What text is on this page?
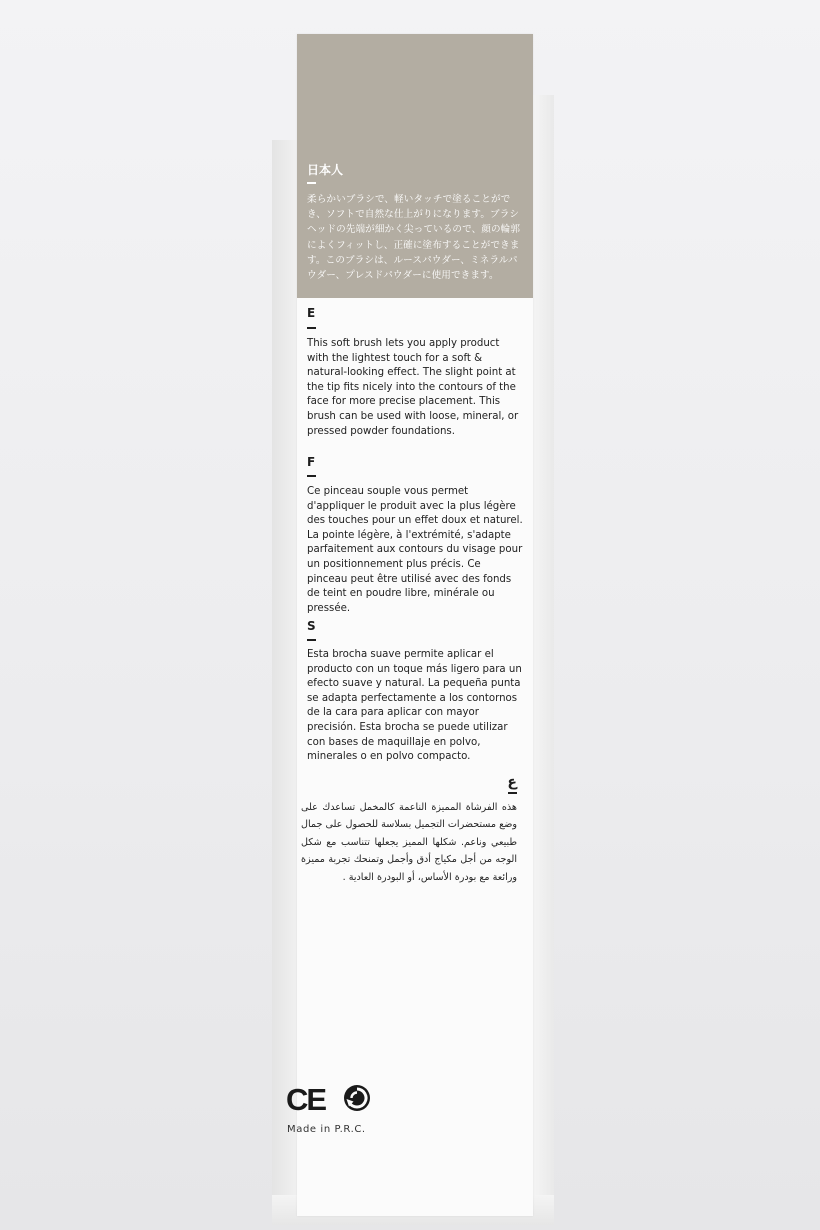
日本人
柔らかいブラシで、軽いタッチで塗ることができ、ソフトで自然な仕上がりになります。ブラシヘッドの先端が細かく尖っているので、顔の輪郭によくフィットし、正確に塗布することができます。このブラシは、ルースパウダー、ミネラルパウダー、プレスドパウダーに使用できます。
E
This soft brush lets you apply product with the lightest touch for a soft & natural-looking effect. The slight point at the tip fits nicely into the contours of the face for more precise placement. This brush can be used with loose, mineral, or pressed powder foundations.
F
Ce pinceau souple vous permet d'appliquer le produit avec la plus légère des touches pour un effet doux et naturel. La pointe légère, à l'extrémité, s'adapte parfaitement aux contours du visage pour un positionnement plus précis. Ce pinceau peut être utilisé avec des fonds de teint en poudre libre, minérale ou pressée.
S
Esta brocha suave permite aplicar el producto con un toque más ligero para un efecto suave y natural. La pequeña punta se adapta perfectamente a los contornos de la cara para aplicar con mayor precisión. Esta brocha se puede utilizar con bases de maquillaje en polvo, minerales o en polvo compacto.
ع
هذه الفرشاة المميزة الناعمة كالمخمل تساعدك على وضع مستحضرات التجميل بسلاسة للحصول على جمال طبيعي وناعم. شكلها المميز يجعلها تتناسب مع شكل الوجه من أجل مكياج أدق وأجمل وتمنحك تجربة مميزة ورائعة مع بودرة الأساس، أو البودرة العادية .
CE
Made in P.R.C.
